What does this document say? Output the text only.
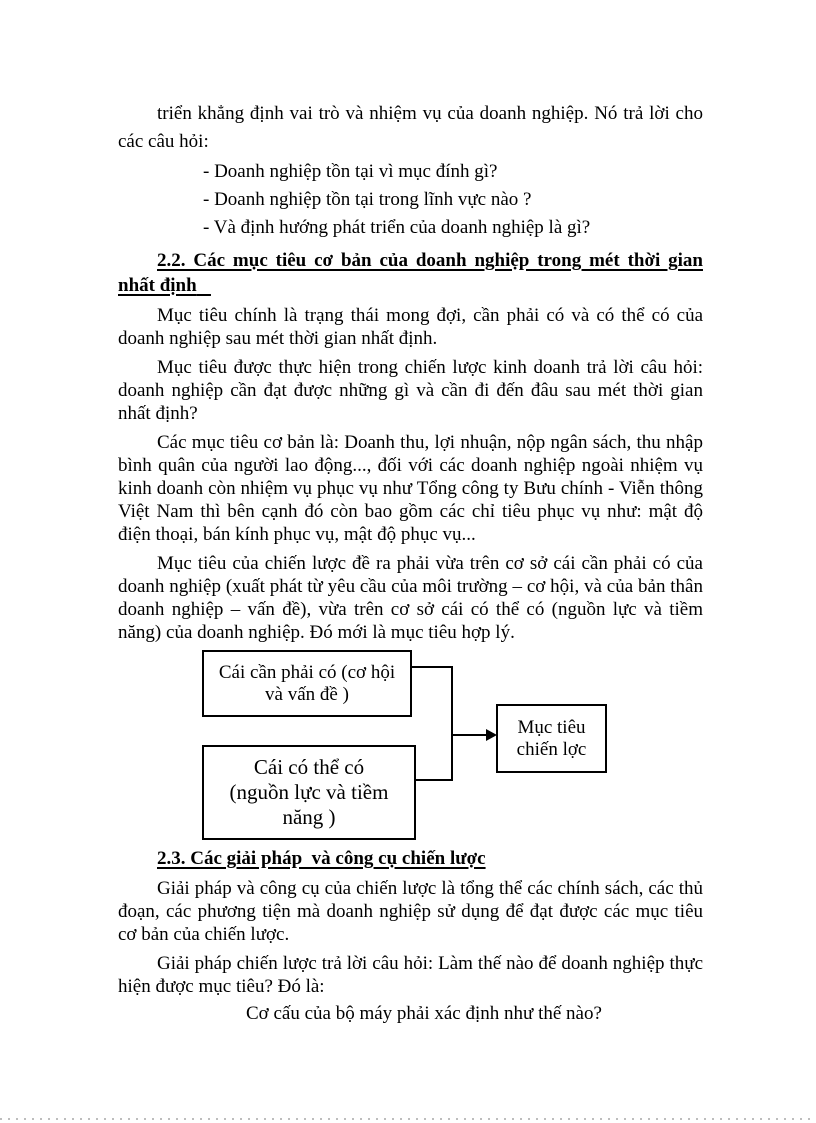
triển khẳng định vai trò và nhiệm vụ của doanh nghiệp. Nó trả lời cho các câu hỏi:

- Doanh nghiệp tồn tại vì mục đính gì?
- Doanh nghiệp tồn tại trong lĩnh vực nào ?
- Và định hướng phát triển của doanh nghiệp là gì?
2.2. Các mục tiêu cơ bản của doanh nghiệp trong mét thời gian
nhất định

Mục tiêu chính là trạng thái mong đợi, cần phải có và có thể có của doanh nghiệp sau mét thời gian nhất định.

Mục tiêu được thực hiện trong chiến lược kinh doanh trả lời câu hỏi: doanh nghiệp cần đạt được những gì và cần đi đến đâu sau mét thời gian nhất định?

Các mục tiêu cơ bản là: Doanh thu, lợi nhuận, nộp ngân sách, thu nhập bình quân của người lao động..., đối với các doanh nghiệp ngoài nhiệm vụ kinh doanh còn nhiệm vụ phục vụ như Tổng công ty Bưu chính - Viễn thông Việt Nam thì bên cạnh đó còn bao gồm các chỉ tiêu phục vụ như: mật độ điện thoại, bán kính phục vụ, mật độ phục vụ...

Mục tiêu của chiến lược đề ra phải vừa trên cơ sở cái cần phải có của doanh nghiệp (xuất phát từ yêu cầu của môi trường – cơ hội, và của bản thân doanh nghiệp – vấn đề), vừa trên cơ sở cái có thể có (nguồn lực và tiềm năng) của doanh nghiệp. Đó mới là mục tiêu hợp lý.

Cái cần phải có (cơ hội
và vấn đề )
Cái có thể có
(nguồn lực và tiềm
năng )
Mục tiêu
chiến lợc
2.3. Các giải pháp  và công cụ chiến lược

Giải pháp và công cụ của chiến lược là tổng thể các chính sách, các thủ đoạn, các phương tiện mà doanh nghiệp sử dụng để đạt được các mục tiêu cơ bản của chiến lược.

Giải pháp chiến lược trả lời câu hỏi: Làm thế nào để doanh nghiệp thực hiện được mục tiêu? Đó là:

Cơ cấu của bộ máy phải xác định như thế nào?
